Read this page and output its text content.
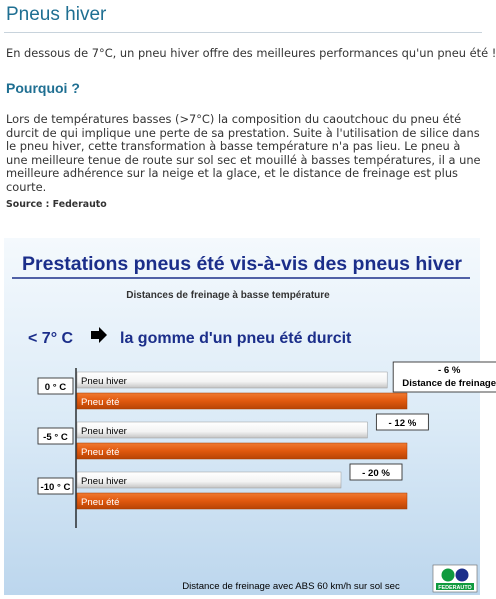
Pneus hiver
En dessous de 7°C, un pneu hiver offre des meilleures performances qu'un pneu été !
Pourquoi ?
Lors de températures basses (>7°C) la composition du caoutchouc du pneu été durcit de qui implique une perte de sa prestation. Suite à l'utilisation de silice dans le pneu hiver, cette transformation à basse température n'a pas lieu. Le pneu à une meilleure tenue de route sur sol sec et mouillé à basses températures, il a une meilleure adhérence sur la neige et la glace, et le distance de freinage est plus courte.
Source : Federauto
Prestations pneus été vis-à-vis des pneus hiver
Distances de freinage à basse température
< 7° C	la gomme d'un pneu été durcit
0 ° C
Pneu hiver
Pneu été
- 6 %
Distance de freinage
-5 ° C
Pneu hiver
Pneu été
- 12 %
-10 ° C
Pneu hiver
Pneu été
- 20 %
Distance de freinage avec ABS 60 km/h sur sol sec	FEDERAUTO
